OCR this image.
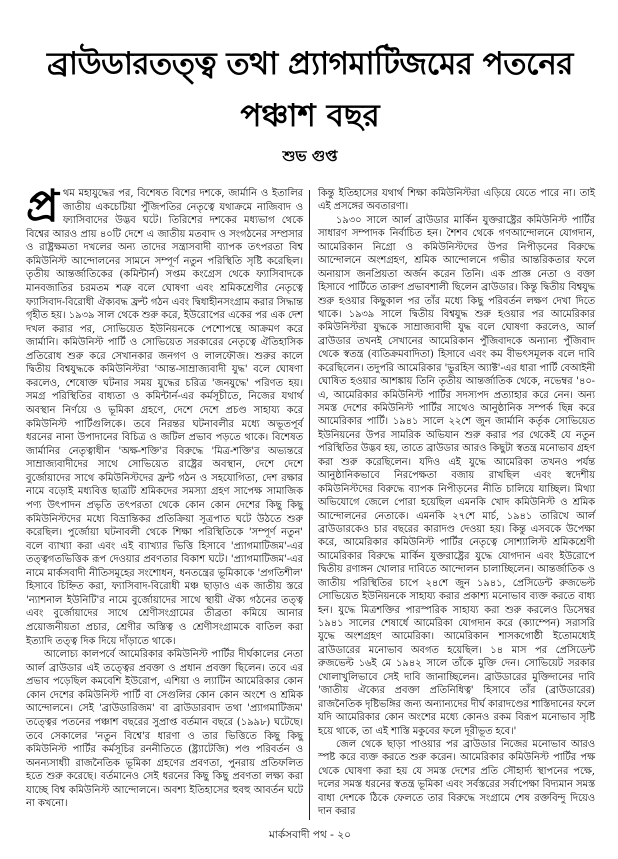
ব্রাউডারতত্ত্ব তথা প্র্যাগমাটিজমের পতনের
পঞ্চাশ বছর
শুভ গুপ্ত

প্র থম মহাযুদ্ধের পর, বিশেষত বিশের দশকে, জার্মানি ও ইতালির জাতীয় একচেটিয়া পুঁজিপতির নেতৃত্বে যথাক্রমে নাজিবাদ ও ফ্যাসিবাদের উদ্ভব ঘটে। তিরিশের দশকের মধ্যভাগ থেকে বিশ্বের আরও প্রায় ৪০টি দেশে এ জাতীয় মতবাদ ও সংগঠনের সম্প্রসার ও রাষ্ট্রক্ষমতা দখলের অন্য তাদের সন্ত্রাসবাদী ব্যাপক তৎপরতা বিশ্ব কমিউনিস্ট আন্দোলনের সামনে সম্পূর্ণ নতুন পরিস্থিতি সৃষ্টি করেছিল। তৃতীয় আন্তর্জাতিকের (কমিন্টার্ন) সপ্তম কংগ্রেস থেকে ফ্যাসিবাদকে মানবজাতির চরমতম শত্রু বলে ঘোষণা এবং শ্রমিকশ্রেণীর নেতৃত্বে ফ্যাসিবাদ-বিরোধী ঐক্যবদ্ধ ফ্রন্ট গঠন এবং দ্বিধাহীনসংগ্রাম করার সিদ্ধান্ত গৃহীত হয়। ১৯৩৯ সাল থেকে শুরু করে, ইউরোপের একের পর এক দেশ দখল করার পর, সোভিয়েত ইউনিয়নকে পেশোপন্থে আক্রমণ করে জার্মানি। কমিউনিস্ট পার্টি ও সোভিয়েত সরকারের নেতৃত্বে ঐতিহাসিক প্রতিরোধ শুরু করে সেখানকার জনগণ ও লালফৌজ। শুরুর কালে দ্বিতীয় বিশ্বযুদ্ধকে কমিউনিস্টরা 'আন্ত-সাম্রাজ্যবাদী যুদ্ধ' বলে ঘোষণা করলেও, শেষোক্ত ঘটনার সময় যুদ্ধের চরিত্র 'জনযুদ্ধে' পরিণত হয়। সমগ্র পরিস্থিতির বাধ্যতা ও কমিন্টার্ন-এর কর্মসূচীতে, নিজের যথার্থ অবস্থান নির্ণয়ে ও ভূমিকা গ্রহণে, দেশে দেশে প্রচণ্ড সাহায্য করে কমিউনিস্ট পার্টিগুলিকে। তবে নিরন্তর ঘটনাবলীর মধ্যে অভূতপূর্ব ধরনের নানা উপাদানের বিচিত্র ও জটিল প্রভাব পড়তে থাকে। বিশেষত জার্মানির নেতৃত্বাধীন 'অক্ষ-শক্তি'র বিরুদ্ধে 'মিত্র-শক্তি'র অভ্যন্তরে সাম্রাজ্যবাদীদের সাথে সোভিয়েত রাষ্ট্রের অবস্থান, দেশে দেশে বুর্জোয়াদের সাথে কমিউনিস্টদের ফ্রন্ট গঠন ও সহযোগিতা, দেশ রক্ষার নামে বড়োই মধ্যবিত্ত ছাত্রটি শ্রমিকদের সমস্যা গ্রহণ সাপেক্ষ সামাজিক পণ্য উৎপাদন প্রভৃতি তৎপরতা থেকে কোন কোন দেশের কিছু কিছু কমিউনিস্টদের মধ্যে বিভ্রান্তিকর প্রতিক্রিয়া সূত্রপাত ঘটে উঠতে শুরু করেছিল। পুর্জোয়া ঘটনাবলী থেকে শিক্ষা পরিস্থিতিকে 'সম্পূর্ণ নতুন' বলে ব্যাখ্যা করা এবং এই ব্যাখ্যার ভিত্তি হিসাবে 'প্র্যাগমাটিজম'-এর তত্ত্বগতভিত্তিক রূপ দেওয়ার প্রবণতার বিকাশ ঘটে। 'প্র্যাগমাটিজম'-এর নামে মার্কসবাদী নীতিসমূহের সংশোধন, ধনতন্ত্রের ভূমিকাকে 'প্রগতিশীল' হিসাবে চিহ্নিত করা, ফ্যাসিবাদ-বিরোধী মঞ্চ ছাড়াও এক জাতীয় স্তরে 'ন্যাশনাল ইউনিটি'র নামে বুর্জোয়াদের সাথে স্থায়ী ঐক্য গঠনের তত্ত্ব এবং বুর্জোয়াদের সাথে শ্রেণীসংগ্রামের তীব্রতা কমিয়ে আনার প্রয়োজনীয়তা প্রচার, শ্রেণীর অস্তিত্ব ও শ্রেণীসংগ্রামকে বাতিল করা ইত্যাদি তত্ত্ব দিক দিয়ে দাঁড়াতে থাকে।

আলোচ্য কালপর্বে আমেরিকার কমিউনিস্ট পার্টির দীর্ঘকালের নেতা আর্ল ব্রাউডার এই তত্ত্বের প্রবক্তা ও প্রধান প্রবক্তা ছিলেন। তবে এর প্রভাব পড়েছিল কমবেশি ইউরোপ, এশিয়া ও ল্যাটিন আমেরিকার কোন কোন দেশের কমিউনিস্ট পার্টি বা সেগুলির কোন কোন অংশে ও শ্রমিক আন্দোলনে। সেই 'ব্রাউডারিজম' বা ব্রাউডারবাদ তথা 'প্র্যাগমাটিজম' তত্ত্বের পতনের পঞ্চাশ বছরের সুপ্রাপ্ত বর্তমান বছরে (১৯৯৮) ঘটেছে। তবে সেকালের 'নতুন বিশ্বে'র ধারণা ও তার ভিত্তিতে কিছু কিছু কমিউনিস্ট পার্টির কর্মসূচির রননীতিতে (ষ্ট্র্যাটেজি) পণ্ড পরিবর্তন ও অনন্যসাধ্যী রাজনৈতিক ভূমিকা গ্রহণের প্রবণতা, পুনরায় প্রতিফলিত হতে শুরু করেছে। বর্তমানেও সেই ধরনের কিছু কিছু প্রবণতা লক্ষ্য করা যাচ্ছে বিশ্ব কমিউনিস্ট আন্দোলনে। অবশ্য ইতিহাসের হুবহু আবর্তন ঘটে না কখনো।

কিন্তু ইতিহাসের যথার্থ শিক্ষা কমিউনিস্টরা এড়িয়ে যেতে পারে না। তাই এই প্রসঙ্গের অবতারণা।

১৯৩০ সালে আর্ল ব্রাউডার মার্কিন যুক্তরাষ্ট্রের কমিউনিস্ট পার্টির সাধারণ সম্পাদক নির্বাচিত হন। শৈশব থেকে গণআন্দোলনে যোগদান, আমেরিকান নিগ্রো ও কমিউনিস্টদের উপর নিপীড়নের বিরুদ্ধে আন্দোলনে অংশগ্রহণ, শ্রমিক আন্দোলনে গভীর আন্তরিকতার ফলে অনায়াস জনপ্রিয়তা অর্জন করেন তিনি। এক প্রাজ্ঞ নেতা ও বক্তা হিসাবে পার্টিতে তারুণ প্রভাবশালী ছিলেন ব্রাউডার। কিন্তু দ্বিতীয় বিশ্বযুদ্ধ শুরু হওয়ার কিছুকাল পর তাঁর মধ্যে কিছু পরিবর্তন লক্ষণ দেখা দিতে থাকে। ১৯৩৯ সালে দ্বিতীয় বিশ্বযুদ্ধ শুরু হওয়ার পর আমেরিকার কমিউনিস্টরা যুদ্ধকে সাম্রাজ্যবাদী যুদ্ধ বলে ঘোষণা করলেও, আর্ল ব্রাউডার তখনই সেখানের আমেরিকান পুঁজিবাদকে অন্যান্য পুঁজিবাদ থেকে স্বতন্ত্র (ব্যতিক্রমবাদিতা) হিসাবে এবং কম বীভৎসমূলক বলে দাবি করেছিলেন। তদুপরি আমেরিকার 'ভুরহিস অ্যাক্ট'-এর ধারা পার্টি বেআইনী ঘোষিত হওয়ার আশঙ্কায় তিনি তৃতীয় আন্তর্জাতিক থেকে, নভেম্বর '৪০-এ, আমেরিকার কমিউনিস্ট পার্টির সদস্যপদ প্রত্যাহার করে নেন। অন্য সমস্ত দেশের কমিউনিস্ট পার্টির সাথেও আনুষ্ঠানিক সম্পর্ক ছিন্ন করে আমেরিকার পার্টি। ১৯৪১ সালে ২২শে জুন জার্মানি কর্তৃক সোভিয়েত ইউনিয়নের উপর সামরিক অভিযান শুরু করার পর থেকেই যে নতুন পরিস্থিতির উদ্ভব হয়, তাতে ব্রাউডার আরও কিছুটা স্বতন্ত্র মনোভাব গ্রহণ করা শুরু করেছিলেন। যদিও এই যুদ্ধে আমেরিকা তখনও পর্যন্ত আনুষ্ঠানিকভাবে নিরপেক্ষতা বজায় রাখছিল এবং স্বদেশীয় কমিউনিস্টদের বিরুদ্ধে ব্যাপক নিপীড়নের নীতি চালিয়ে যাচ্ছিল। মিথ্যা অভিযোগে জেলে পোরা হয়েছিল এমনকি খোদ কমিউনিস্ট ও শ্রমিক আন্দোলনের নেতাকে। এমনকি ২৭শে মার্চ, ১৯৪১ তারিখে আর্ল ব্রাউডারকেও চার বছরের কারাদণ্ড দেওয়া হয়। কিন্তু এসবকে উপেক্ষা করে, আমেরিকার কমিউনিস্ট পার্টির নেতৃত্বে সোশ্যালিস্ট শ্রমিকশ্রেণী আমেরিকার বিরুদ্ধে মার্কিন যুক্তরাষ্ট্রের যুদ্ধে যোগদান এবং ইউরোপে দ্বিতীয় রণাঙ্গন খোলার দাবিতে আন্দোলন চালাচ্ছিলেন। আন্তর্জাতিক ও জাতীয় পরিস্থিতির চাপে ২৪শে জুন ১৯৪১, প্রেসিডেন্ট রুজভেল্ট সোভিয়েত ইউনিয়নকে সাহায্য করার প্রকাশ্য মনোভাব ব্যক্ত করতে বাধ্য হন। যুদ্ধে মিত্রশক্তির পারস্পরিক সাহায্য করা শুরু করলেও ডিসেম্বর ১৯৪১ সালের শেষার্ধে আমেরিকা যোগদান করে (ক্যাম্পেন) সরাসরি যুদ্ধে অংশগ্রহণ আমেরিকা। আমেরিকান শাসকগোষ্ঠী ইতোমধ্যেই ব্রাউডারের মনোভাব অবগত হয়েছিল। ১৪ মাস পর প্রেসিডেন্ট রুজভেল্ট ১৬ই মে ১৯৪২ সালে তাঁকে মুক্তি দেন। সোভিয়েট সরকার খোলাখুলিভাবে সেই দাবি জানাচ্ছিলেন। ব্রাউডারের মুক্তিদানের দাবি 'জাতীয় ঐক্যের প্রবক্তা প্রতিনিধিত্ব' হিসাবে তাঁর (ব্রাউডারের) রাজনৈতিক দৃষ্টিভঙ্গির জন্য অন্যান্যদের দীর্ঘ কারাদণ্ডের শাস্তিদানের ফলে যদি আমেরিকার কোন অংশের মধ্যে কোনও রকম বিরূপ মনোভাব সৃষ্টি হয়ে থাকে, তা এই শাস্তি মকুবের ফলে দূরীভূত হবে।'

জেল থেকে ছাড়া পাওয়ার পর ব্রাউডার নিজের মনোভাব আরও স্পষ্ট করে ব্যক্ত করতে শুরু করেন। আমেরিকার কমিউনিস্ট পার্টির পক্ষ থেকে ঘোষণা করা হয় যে সমস্ত দেশের প্রতি সৌহার্দ্য স্থাপনের পক্ষে, দলের সমস্ত ধরনের স্বতন্ত্র ভূমিকা এবং সর্বস্তরের সর্বাপেক্ষা বিদ্যমান সমস্ত বাধা দেশকে ঠিকে ফেলতে তার বিরুদ্ধে সংগ্রামে শেষ রক্তবিন্দু দিয়েও দান করার

মার্কসবাদী পথ - ২০
